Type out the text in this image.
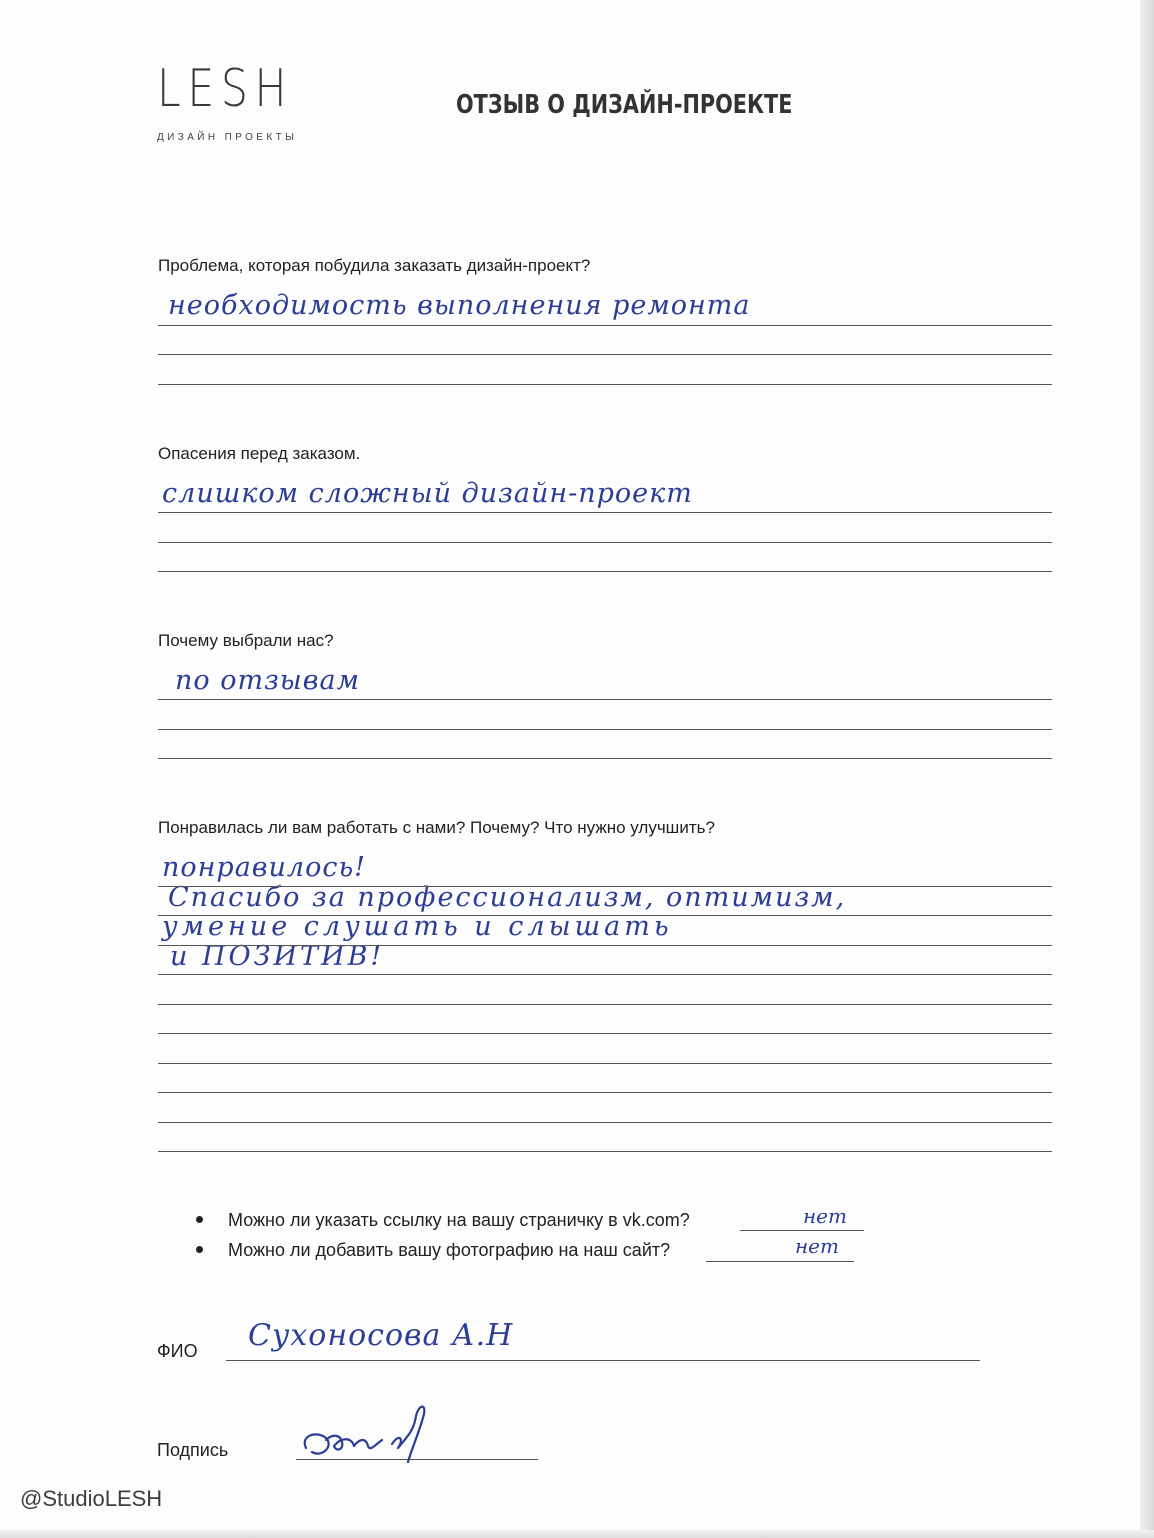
LESH
ДИЗАЙН ПРОЕКТЫ
ОТЗЫВ О ДИЗАЙН-ПРОЕКТЕ
Проблема, которая побудила заказать дизайн-проект?
необходимость выполнения ремонта
Опасения перед заказом.
слишком сложный дизайн-проект
Почему выбрали нас?
по отзывам
Понравилась ли вам работать с нами? Почему? Что нужно улучшить?
понравилось!
Спасибо за профессионализм, оптимизм,
умение слушать и слышать
и ПОЗИТИВ!
Можно ли указать ссылку на вашу страничку в vk.com?	нет
Можно ли добавить вашу фотографию на наш сайт?	нет
ФИО Сухоносова А.Н
Подпись
@StudioLESH
